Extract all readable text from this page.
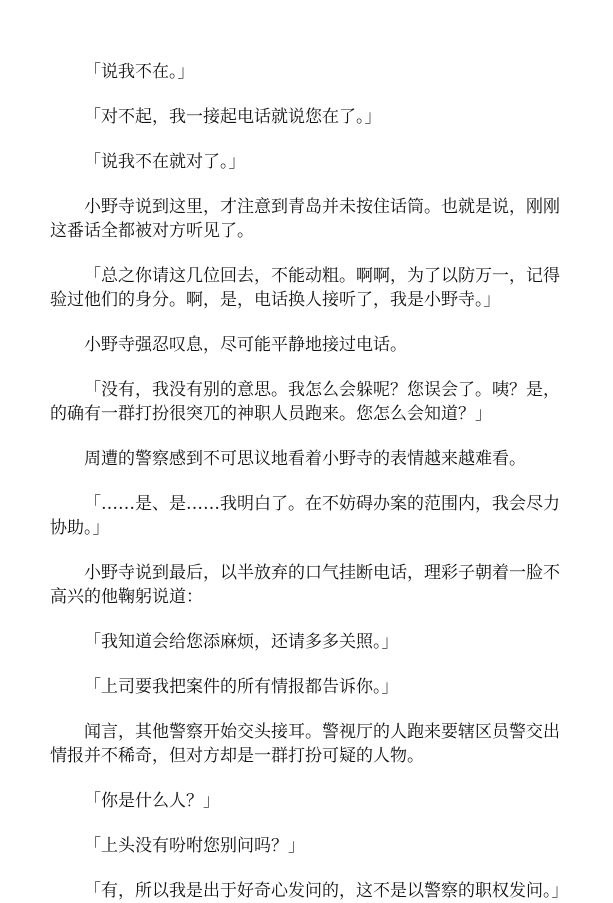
「说我不在。」

「对不起，我一接起电话就说您在了。」

「说我不在就对了。」

小野寺说到这里，才注意到青岛并未按住话筒。也就是说，刚刚这番话全都被对方听见了。

「总之你请这几位回去，不能动粗。啊啊，为了以防万一，记得验过他们的身分。啊，是，电话换人接听了，我是小野寺。」

小野寺强忍叹息，尽可能平静地接过电话。

「没有，我没有别的意思。我怎么会躲呢？您误会了。咦？是，的确有一群打扮很突兀的神职人员跑来。您怎么会知道？」

周遭的警察感到不可思议地看着小野寺的表情越来越难看。

「……是、是……我明白了。在不妨碍办案的范围内，我会尽力协助。」

小野寺说到最后，以半放弃的口气挂断电话，理彩子朝着一脸不高兴的他鞠躬说道：

「我知道会给您添麻烦，还请多多关照。」

「上司要我把案件的所有情报都告诉你。」

闻言，其他警察开始交头接耳。警视厅的人跑来要辖区员警交出情报并不稀奇，但对方却是一群打扮可疑的人物。

「你是什么人？」

「上头没有吩咐您别问吗？」

「有，所以我是出于好奇心发问的，这不是以警察的职权发问。」
